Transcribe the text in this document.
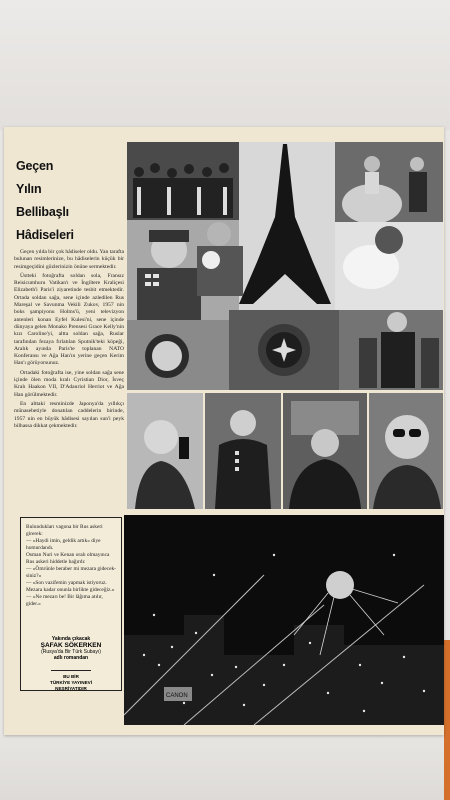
Geçen
Yılın
Bellibaşlı
Hâdiseleri

Geçen yılda bir çok hâdiseler oldu. Yan tarafta bulunan resimlerinize, bu hâdiselerin küçük bir resimgeçidini gözlerinizin önüne sermektedir.

Üstteki fotoğrafta soldan sola, Fransız Reisicumhuru Vatikan'ı ve İngiltere Kraliçesi Elizabeth'i Paris'i ziyaretinde tesbit etmektedir. Ortada soldan sağa, sene içinde azledilen Rus Mareşal ve Savunma Vekili Zukov, 1957 nin boks şampiyonu Holms'ü, yeni televizyon antenleri konan Eyfel Kulesi'ni, sene içinde dünyaya gelen Monako Prensesi Grace Kelly'nin kızı Caroline'yi, altta soldan sağa, Ruslar tarafından fezaya fırlatılan Sputnik'teki köpeği, Aralık ayında Paris'te toplanan NATO Konferansı ve Ağa Han'ın yerine geçen Kerim Han'ı görüyorsunuz.

Ortadaki fotoğrafta ise, yine soldan sağa sene içinde ölen moda kralı Cyristian Dior, İsveç Kralı Haakon VII, D'Adauriol Herriot ve Ağa Han görülmektedir.

En alttaki resminizde Japonya'da yıllıkçı münasebetiyle donatılan caddelerin birinde, 1957 nin en büyük hâdisesi sayılan sun'i peyk bilhassa dikkat çekmektedir.

Bulundukları vagona bir Rus askeri girerek:

— «Haydi imin, geldik artık» diye homurdandı.

Osman Nuri ve Kenan oralı olmayınca Rus askeri hiddetle bağırdı:

— «Ömrünle beraber mi mezara gidecek-siniz?»

— «Son vazifemin yapmak istiyoruz. Mezara kadar onunla birlikte gideceğiz.»

— «Ne mezarı be! Bir lâğıma atılır, gider.»

Yakında çıkacak
ŞAFAK SÖKERKEN
(Rusya'da Bir Türk Subayı)
adlı romandan
BU BİR
TÜRKİYE YAYINEVİ
NEŞRİYATIDIR
CANON
